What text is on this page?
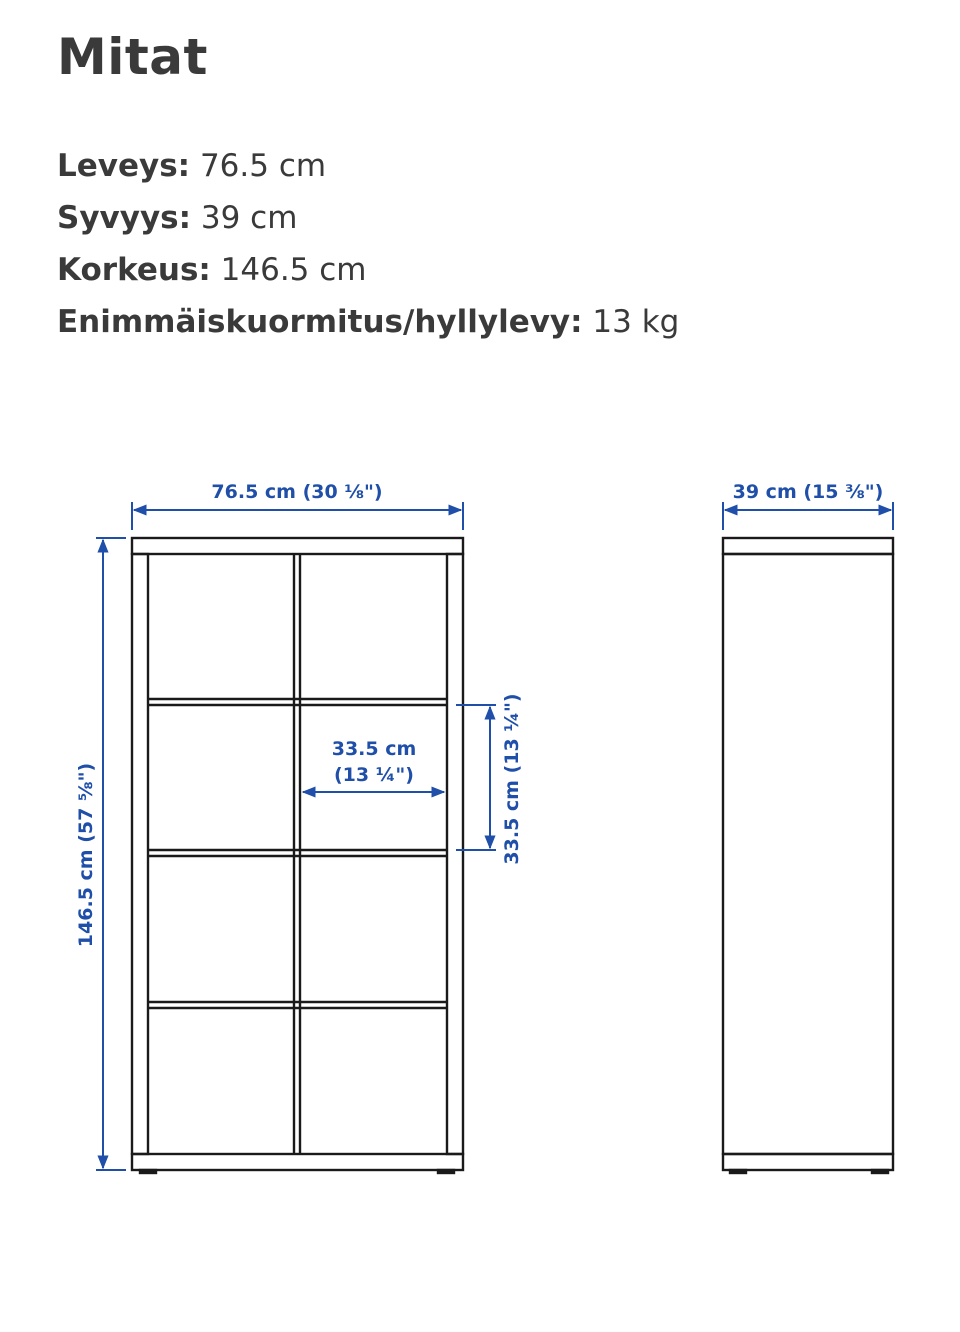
Mitat
Leveys: 76.5 cm
Syvyys: 39 cm
Korkeus: 146.5 cm
Enimmäiskuormitus/hyllylevy: 13 kg
76.5 cm (30 ⅛")
146.5 cm (57 ⅝")
33.5 cm
(13 ¼")	33.5 cm (13 ¼")
39 cm (15 ⅜")
